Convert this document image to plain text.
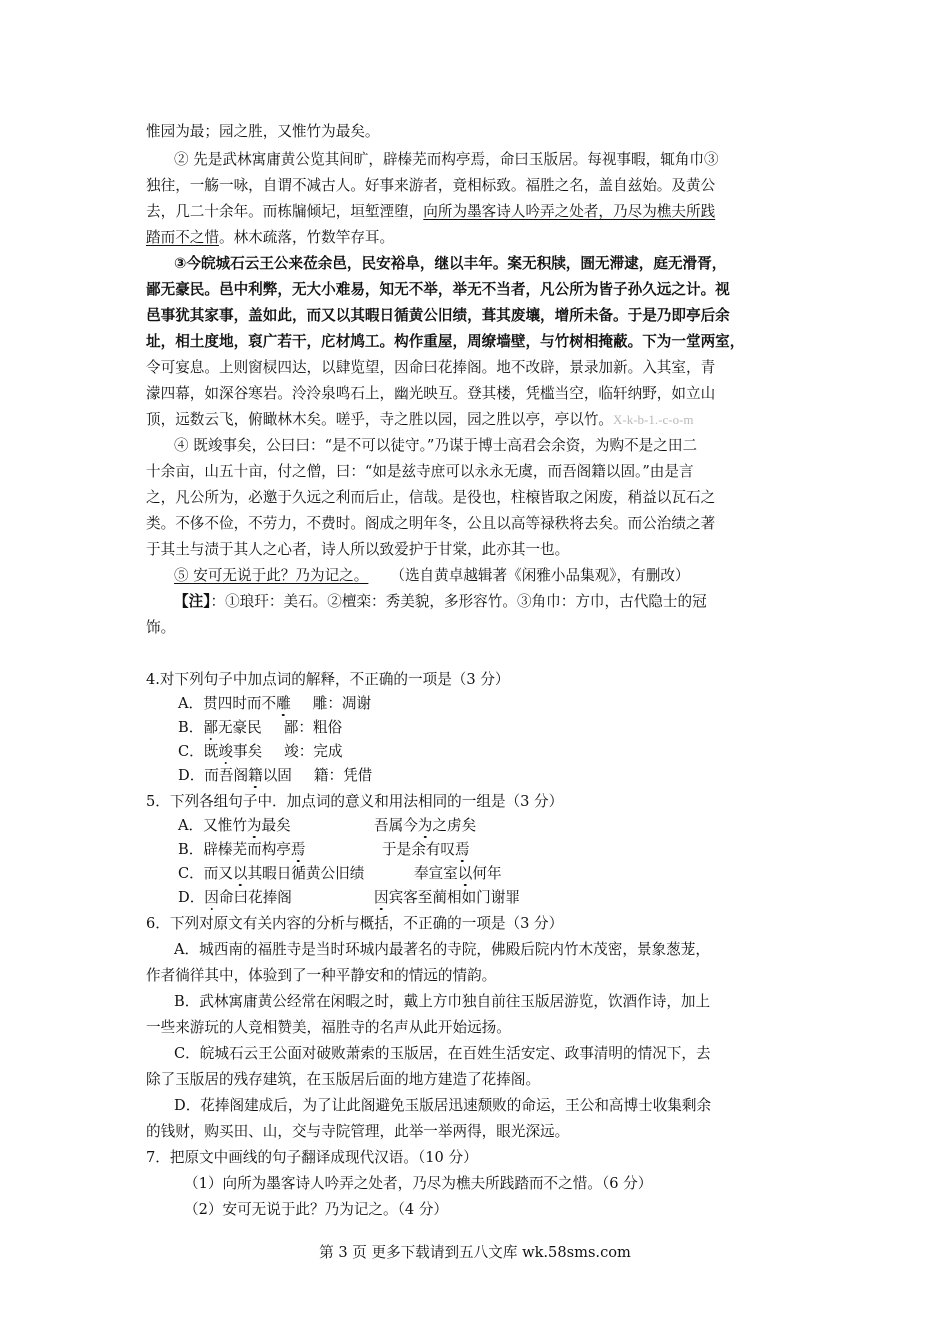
惟园为最；园之胜，又惟竹为最矣。
② 先是武林寓庸黄公览其间旷，辟榛芜而构亭焉，命曰玉版居。每视事暇，辄角巾③
独往，一觞一咏，自谓不减古人。好事来游者，竟相标致。福胜之名，盖自兹始。及黄公
去，几二十余年。而栋牖倾圮，垣堑湮堕，向所为墨客诗人吟弄之处者，乃尽为樵夫所践
踏而不之惜。林木疏落，竹数竿存耳。
③今皖城石云王公来莅余邑，民安裕阜，继以丰年。案无积牍，圄无滞逮，庭无滑胥，
鄙无豪民。邑中利弊，无大小难易，知无不举，举无不当者，凡公所为皆子孙久远之计。视
邑事犹其家事，盖如此，而又以其暇日循黄公旧绩，葺其废壤，增所未备。于是乃即亭后余
址，相土度地，裒广若干，庀材鸠工。构作重屋，周缭墙壁，与竹树相掩蔽。下为一堂两室，
令可宴息。上则窗棂四达，以肆览望，因命曰花捧阁。地不改辟，景录加新。入其室，青
濛四幕，如深谷寒岩。泠泠泉鸣石上，幽光映互。登其楼，凭槛当空，临轩纳野，如立山
顶，远数云飞，俯瞰林木矣。嗟乎，寺之胜以园，园之胜以亭，亭以竹。X-k-b-1.-c-o-m
④ 既竣事矣，公曰曰：“是不可以徒守。”乃谋于博士高君会余资，为购不是之田二
十余亩，山五十亩，付之僧，曰：“如是兹寺庶可以永永无虞，而吾阁籍以固。”由是言
之，凡公所为，必邀于久远之利而后止，信哉。是役也，柱榱皆取之闲废，稍益以瓦石之
类。不侈不俭，不劳力，不费时。阁成之明年冬，公且以高等禄秩将去矣。而公治绩之著
于其土与渍于其人之心者，诗人所以致爱护于甘棠，此亦其一也。
⑤ 安可无说于此？乃为记之。 （选自黄卓越辑著《闲雅小品集观》，有删改）
【注】：①琅玕：美石。②檀栾：秀美貌，多形容竹。③角巾：方巾，古代隐士的冠
饰。
4.对下列句子中加点词的解释，不正确的一项是（3 分）
A．贯四时而不雕 雕：凋谢
B．鄙无豪民 鄙：粗俗
C．既竣事矣 竣：完成
D．而吾阁籍以固 籍：凭借
5．下列各组句子中．加点词的意义和用法相同的一组是（3 分）
A．又惟竹为最矣	吾属今为之虏矣
B．辟榛芜而构亭焉	于是余有叹焉
C．而又以其暇日循黄公旧绩	奉宣室以何年
D．因命曰花捧阁	因宾客至蔺相如门谢罪
6．下列对原文有关内容的分析与概括，不正确的一项是（3 分）
A．城西南的福胜寺是当时环城内最著名的寺院，佛殿后院内竹木茂密，景象葱茏，
作者徜徉其中，体验到了一种平静安和的情远的情韵。
B．武林寓庸黄公经常在闲暇之时，戴上方巾独自前往玉版居游览，饮酒作诗，加上
一些来游玩的人竞相赞美，福胜寺的名声从此开始远扬。
C．皖城石云王公面对破败萧索的玉版居，在百姓生活安定、政事清明的情况下，去
除了玉版居的残存建筑，在玉版居后面的地方建造了花捧阁。
D．花捧阁建成后，为了让此阁避免玉版居迅速颓败的命运，王公和高博士收集剩余
的钱财，购买田、山，交与寺院管理，此举一举两得，眼光深远。
7．把原文中画线的句子翻译成现代汉语。（10 分）
（1）向所为墨客诗人吟弄之处者，乃尽为樵夫所践踏而不之惜。（6 分）
（2）安可无说于此？乃为记之。（4 分）
第 3 页 更多下载请到五八文库 wk.58sms.com
